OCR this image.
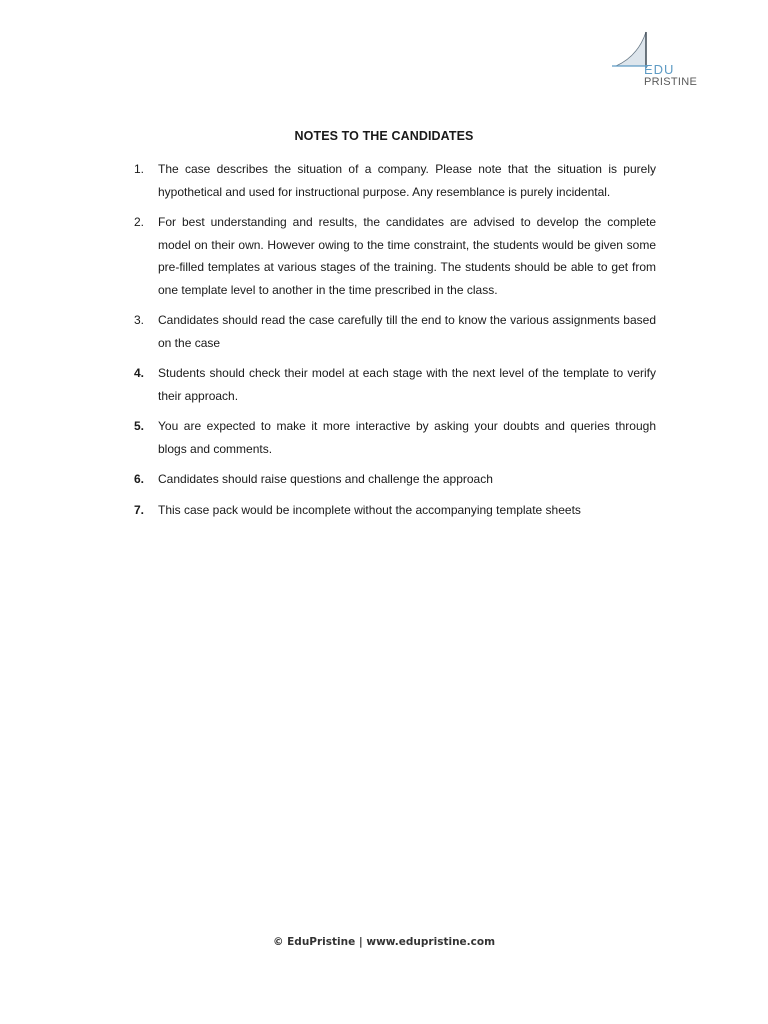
EDU
PRISTINE
NOTES TO THE CANDIDATES
1.	The case describes the situation of a company. Please note that the situation is purely hypothetical and used for instructional purpose. Any resemblance is purely incidental.
2.	For best understanding and results, the candidates are advised to develop the complete model on their own. However owing to the time constraint, the students would be given some pre-filled templates at various stages of the training. The students should be able to get from one template level to another in the time prescribed in the class.
3.	Candidates should read the case carefully till the end to know the various assignments based on the case
4.	Students should check their model at each stage with the next level of the template to verify their approach.
5.	You are expected to make it more interactive by asking your doubts and queries through blogs and comments.
6.	Candidates should raise questions and challenge the approach
7.	This case pack would be incomplete without the accompanying template sheets
© EduPristine | www.edupristine.com
